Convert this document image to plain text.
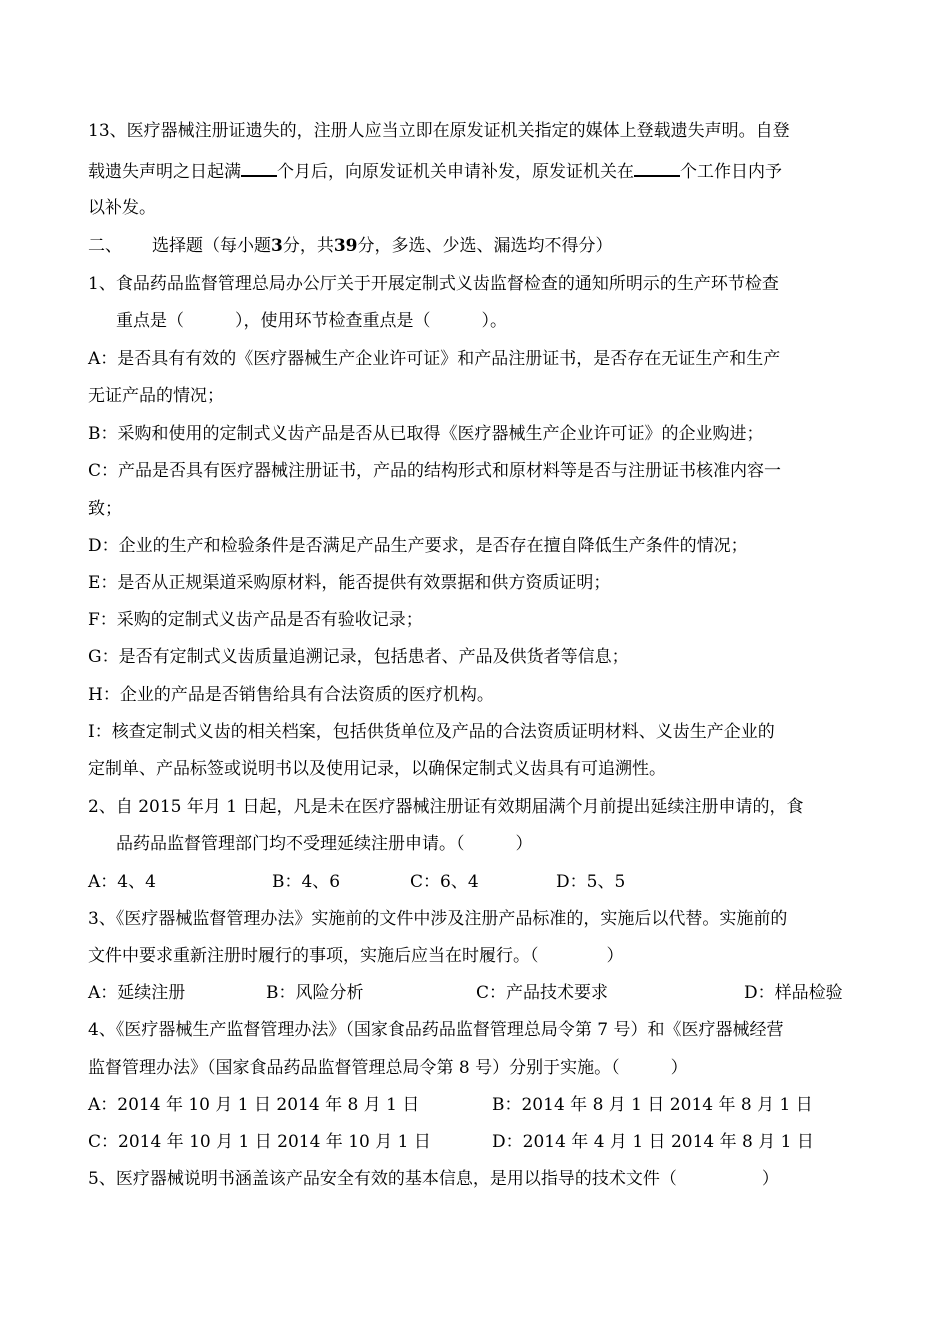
13、医疗器械注册证遗失的，注册人应当立即在原发证机关指定的媒体上登载遗失声明。自登
载遗失声明之日起满 个月后，向原发证机关申请补发，原发证机关在	个工作日内予
以补发。
二、 选择题（每小题3分，共39分，多选、少选、漏选均不得分）
1、食品药品监督管理总局办公厅关于开展定制式义齿监督检查的通知所明示的生产环节检查
重点是（　　　），使用环节检查重点是（　　　）。
A：是否具有有效的《医疗器械生产企业许可证》和产品注册证书，是否存在无证生产和生产
无证产品的情况；
B：采购和使用的定制式义齿产品是否从已取得《医疗器械生产企业许可证》的企业购进；
C：产品是否具有医疗器械注册证书，产品的结构形式和原材料等是否与注册证书核准内容一
致；
D：企业的生产和检验条件是否满足产品生产要求，是否存在擅自降低生产条件的情况；
E：是否从正规渠道采购原材料，能否提供有效票据和供方资质证明；
F：采购的定制式义齿产品是否有验收记录；
G：是否有定制式义齿质量追溯记录，包括患者、产品及供货者等信息；
H：企业的产品是否销售给具有合法资质的医疗机构。
I：核查定制式义齿的相关档案，包括供货单位及产品的合法资质证明材料、义齿生产企业的
定制单、产品标签或说明书以及使用记录，以确保定制式义齿具有可追溯性。
2、自 2015 年月 1 日起，凡是未在医疗器械注册证有效期届满个月前提出延续注册申请的，食
品药品监督管理部门均不受理延续注册申请。（　　　）
A：4、4	B：4、6	C：6、4	D：5、5
3、《医疗器械监督管理办法》实施前的文件中涉及注册产品标准的，实施后以代替。实施前的
文件中要求重新注册时履行的事项，实施后应当在时履行。（　　　　）
A：延续注册	B：风险分析	C：产品技术要求	D：样品检验
4、《医疗器械生产监督管理办法》（国家食品药品监督管理总局令第 7 号）和《医疗器械经营
监督管理办法》（国家食品药品监督管理总局令第 8 号）分别于实施。（　　　）
A：2014 年 10 月 1 日 2014 年 8 月 1 日	B：2014 年 8 月 1 日 2014 年 8 月 1 日
C：2014 年 10 月 1 日 2014 年 10 月 1 日	D：2014 年 4 月 1 日 2014 年 8 月 1 日
5、医疗器械说明书涵盖该产品安全有效的基本信息，是用以指导的技术文件（　　　　　）
